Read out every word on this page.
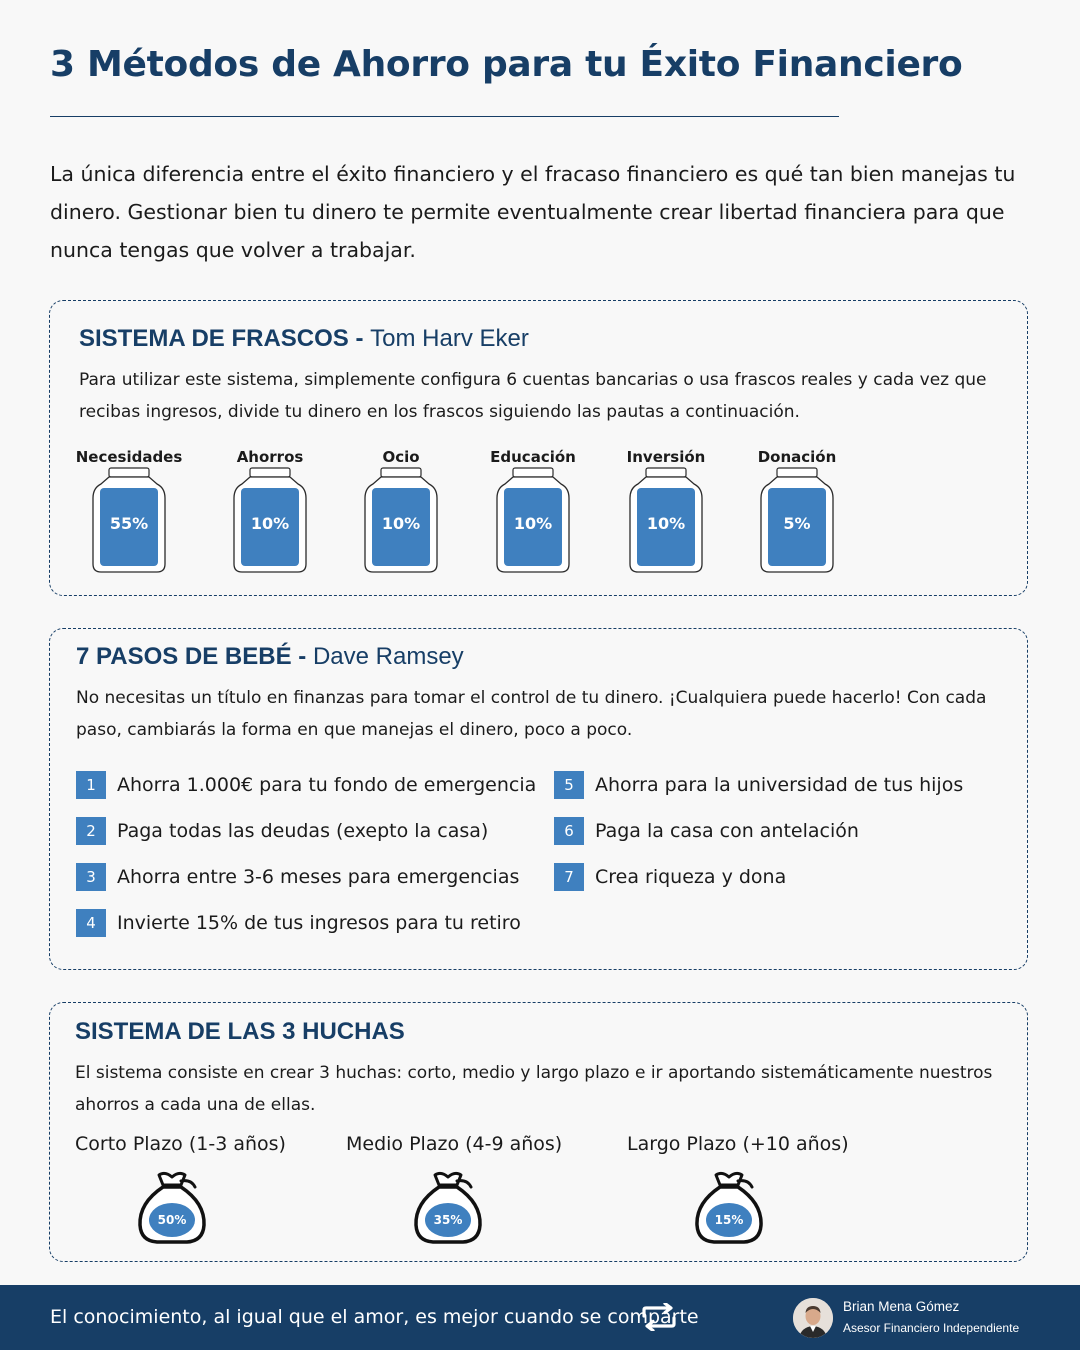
3 Métodos de Ahorro para tu Éxito Financiero

La única diferencia entre el éxito financiero y el fracaso financiero es qué tan bien manejas tu dinero. Gestionar bien tu dinero te permite eventualmente crear libertad financiera para que nunca tengas que volver a trabajar.

SISTEMA DE FRASCOS - Tom Harv Eker

Para utilizar este sistema, simplemente configura 6 cuentas bancarias o usa frascos reales y cada vez que recibas ingresos, divide tu dinero en los frascos siguiendo las pautas a continuación.

Necesidades
55%
Ahorros
10%
Ocio
10%
Educación
10%
Inversión
10%
Donación
5%
7 PASOS DE BEBÉ - Dave Ramsey

No necesitas un título en finanzas para tomar el control de tu dinero. ¡Cualquiera puede hacerlo! Con cada paso, cambiarás la forma en que manejas el dinero, poco a poco.

1	Ahorra 1.000€ para tu fondo de emergencia
2	Paga todas las deudas (exepto la casa)
3	Ahorra entre 3-6 meses para emergencias
4	Invierte 15% de tus ingresos para tu retiro
5	Ahorra para la universidad de tus hijos
6	Paga la casa con antelación
7	Crea riqueza y dona
SISTEMA DE LAS 3 HUCHAS

El sistema consiste en crear 3 huchas: corto, medio y largo plazo e ir aportando sistemáticamente nuestros ahorros a cada una de ellas.

Corto Plazo (1-3 años)	Medio Plazo (4-9 años)	Largo Plazo (+10 años)
50%	35%	15%
El conocimiento, al igual que el amor, es mejor cuando se comparte	Brian Mena Gómez
Asesor Financiero Independiente
